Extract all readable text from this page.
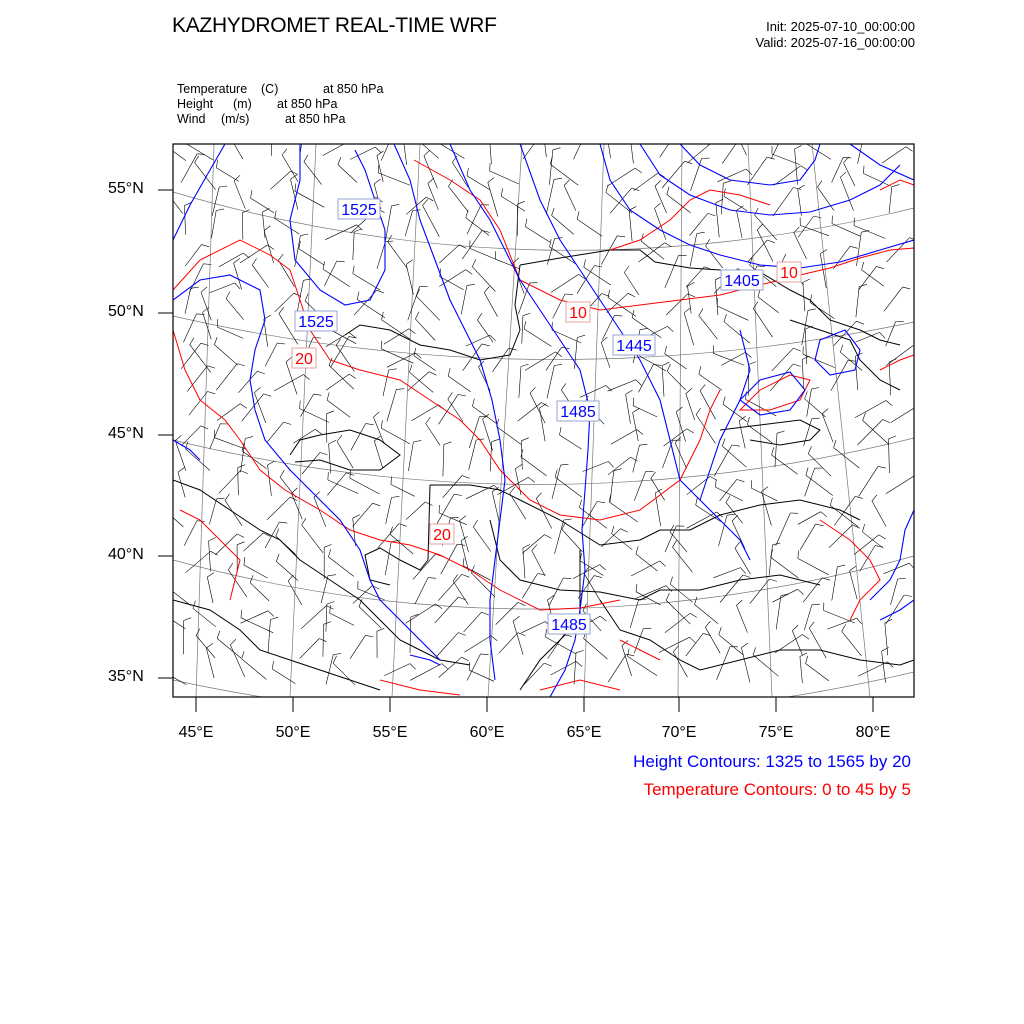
KAZHYDROMET REAL-TIME WRF	Init: 2025-07-10_00:00:00
Valid: 2025-07-16_00:00:00
Temperature (C)	at 850 hPa
Height (m) at 850 hPa
Wind (m/s)	at 850 hPa
1525
1525
1405
1445
1485
1485
20
10
10
20
55°N
50°N
45°N
40°N
35°N
45°E	50°E	55°E	60°E	65°E	70°E	75°E	80°E
Height Contours: 1325 to 1565 by 20
Temperature Contours: 0 to 45 by 5
